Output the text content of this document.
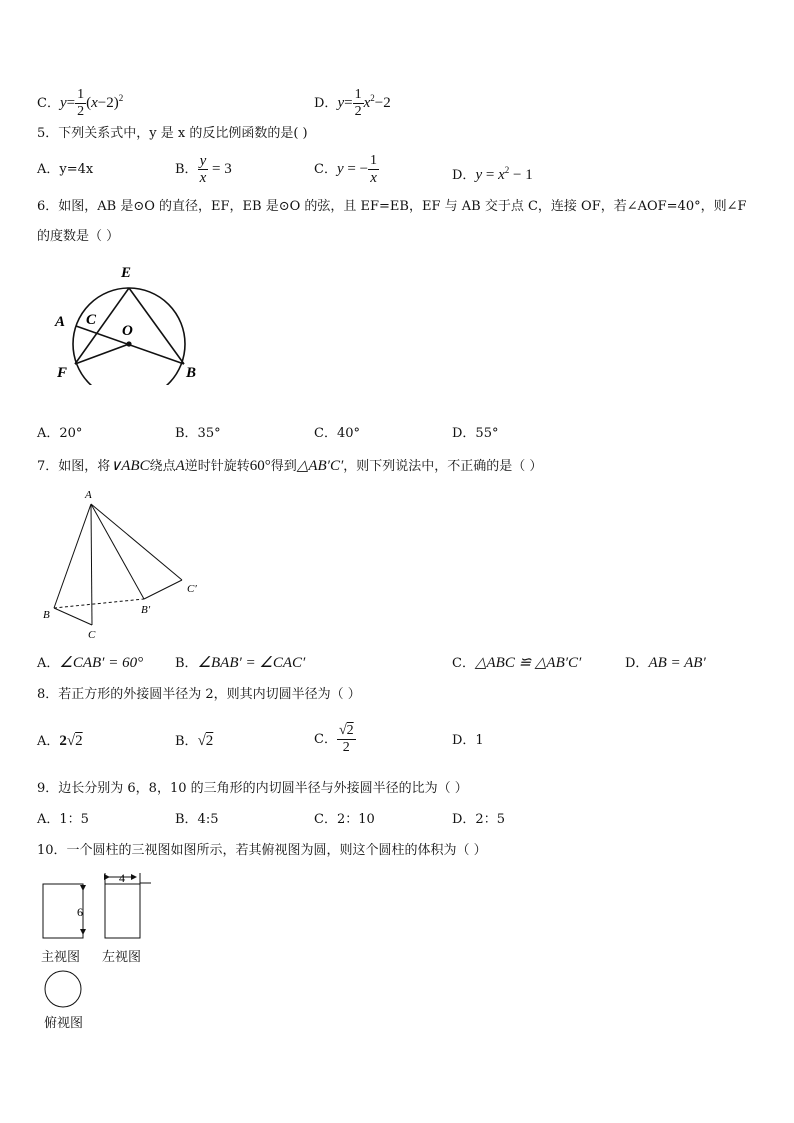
C．$y= \frac{1}{2} (x-2)^2$	D．$y= \frac{1}{2} x^2-2$
5．下列关系式中，y 是 x 的反比例函数的是( )
A．y=4x	B． $\frac{y}{x} = 3$	C．y = − $\frac{1}{x}$	D．$y = x^2 - 1$
6．如图，AB 是⊙O 的直径，EF，EB 是⊙O 的弦，且 EF=EB，EF 与 AB 交于点 C，连接 OF，若∠AOF=40°，则∠F
的度数是（ ）
E
A C
O
F	B
A．20°	B．35°	C．40°	D．55°
7．如图，将∨ABC绕点A逆时针旋转60°得到△AB′C′，则下列说法中，不正确的是（ ）
A
B
C
B′
C′
A．∠CAB′ = 60° B．∠BAB′ = ∠CAC′	C．△ABC ≌ △AB′C′	D．AB = AB′
8．若正方形的外接圆半径为 2，则其内切圆半径为（ ）
A．2√2	B．√2	C． $\frac{√2}{2}$	D．1
9．边长分别为 6，8，10 的三角形的内切圆半径与外接圆半径的比为（ ）
A．1：5	B．4:5	C．2：10	D．2：5
10．一个圆柱的三视图如图所示，若其俯视图为圆，则这个圆柱的体积为（ ）
6
4
主视图 左视图
俯视图
